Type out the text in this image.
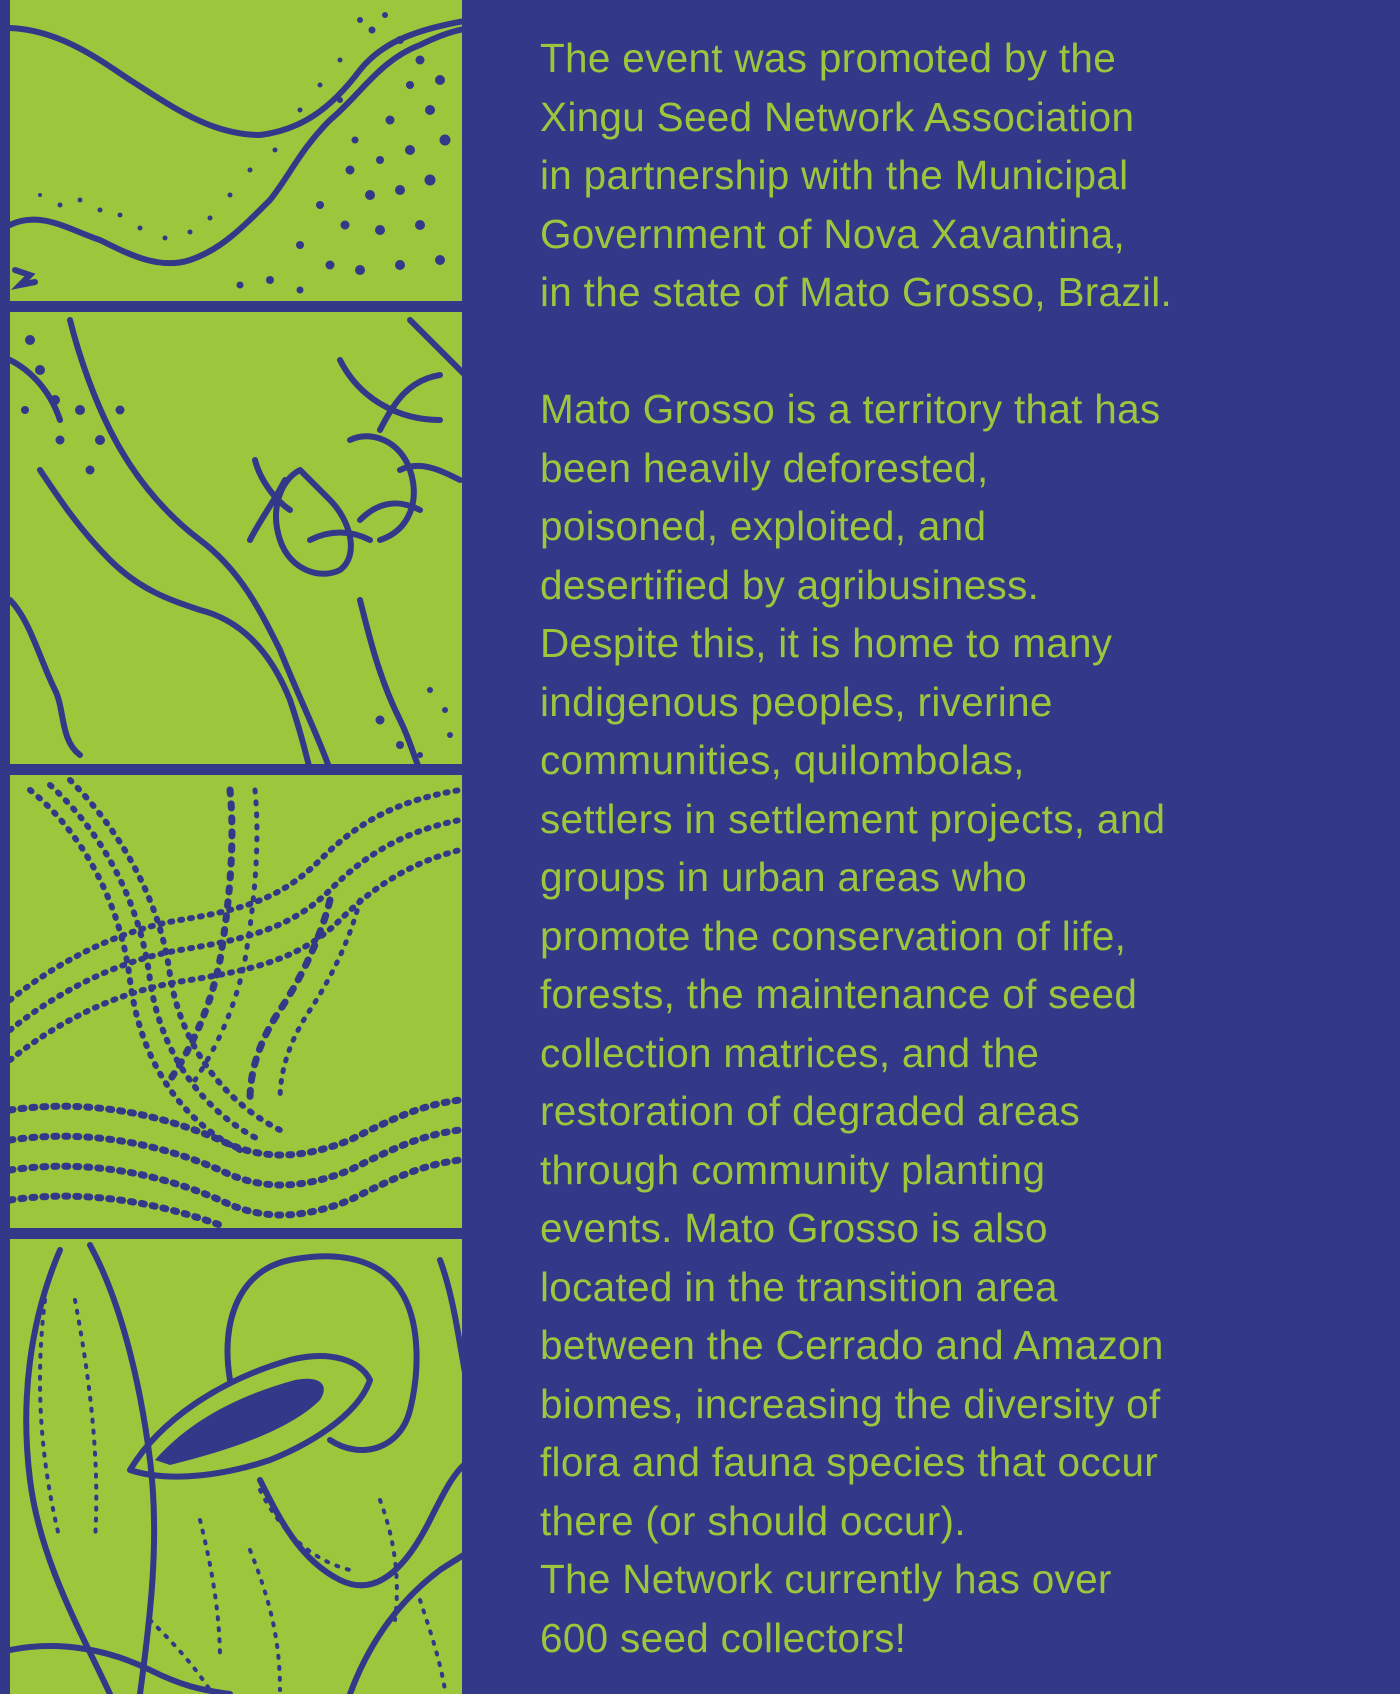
The event was promoted by the
Xingu Seed Network Association
in partnership with the Municipal
Government of Nova Xavantina,
in the state of Mato Grosso, Brazil.
Mato Grosso is a territory that has
been heavily deforested,
poisoned, exploited, and
desertified by agribusiness.
Despite this, it is home to many
indigenous peoples, riverine
communities, quilombolas,
settlers in settlement projects, and
groups in urban areas who
promote the conservation of life,
forests, the maintenance of seed
collection matrices, and the
restoration of degraded areas
through community planting
events. Mato Grosso is also
located in the transition area
between the Cerrado and Amazon
biomes, increasing the diversity of
flora and fauna species that occur
there (or should occur).
The Network currently has over
600 seed collectors!
